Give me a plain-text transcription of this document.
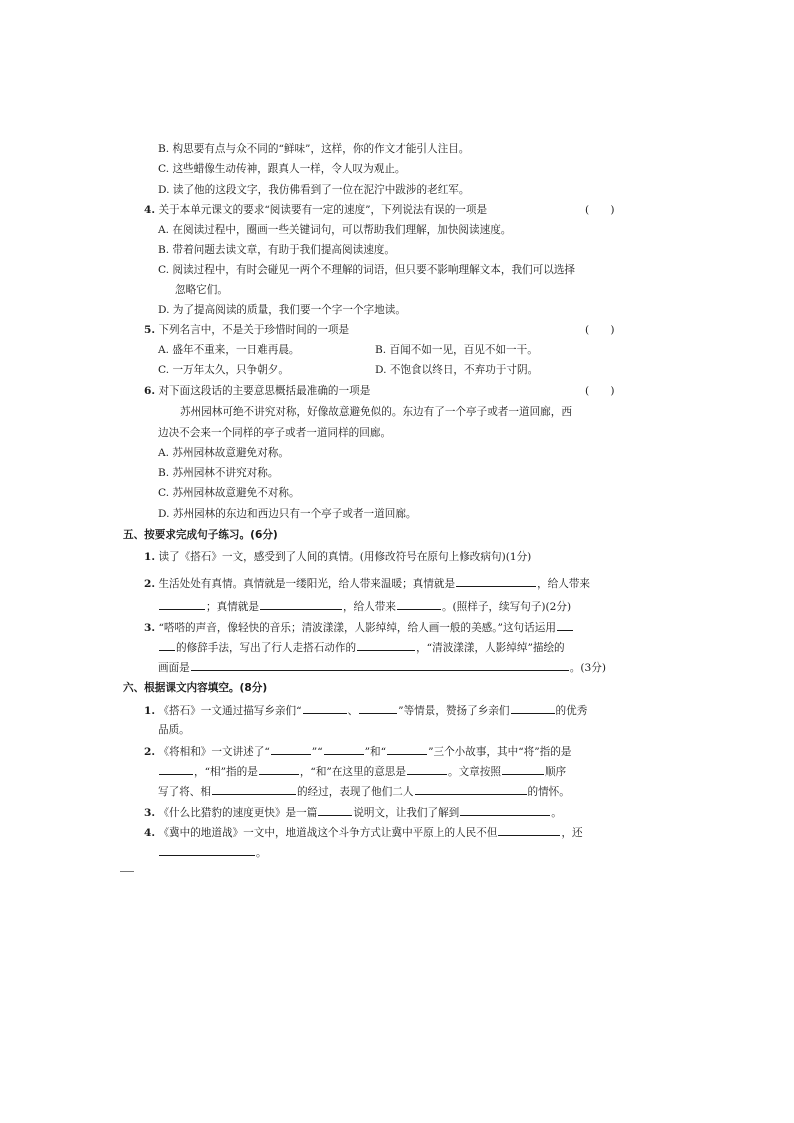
B. 构思要有点与众不同的“鲜味”，这样，你的作文才能引人注目。
C. 这些蜡像生动传神，跟真人一样，令人叹为观止。
D. 读了他的这段文字，我仿佛看到了一位在泥泞中跋涉的老红军。
4. 关于本单元课文的要求“阅读要有一定的速度”，下列说法有误的一项是	(　　)
A. 在阅读过程中，圈画一些关键词句，可以帮助我们理解，加快阅读速度。
B. 带着问题去读文章，有助于我们提高阅读速度。
C. 阅读过程中，有时会碰见一两个不理解的词语，但只要不影响理解文本，我们可以选择
忽略它们。
D. 为了提高阅读的质量，我们要一个字一个字地读。
5. 下列名言中，不是关于珍惜时间的一项是	(　　)
A. 盛年不重来，一日难再晨。	B. 百闻不如一见，百见不如一干。
C. 一万年太久，只争朝夕。	D. 不饱食以终日，不弃功于寸阴。
6. 对下面这段话的主要意思概括最准确的一项是	(　　)
苏州园林可绝不讲究对称，好像故意避免似的。东边有了一个亭子或者一道回廊，西
边决不会来一个同样的亭子或者一道同样的回廊。
A. 苏州园林故意避免对称。
B. 苏州园林不讲究对称。
C. 苏州园林故意避免不对称。
D. 苏州园林的东边和西边只有一个亭子或者一道回廊。
五、按要求完成句子练习。(6分)
1. 读了《搭石》一文，感受到了人间的真情。(用修改符号在原句上修改病句)(1分)
2. 生活处处有真情。真情就是一缕阳光，给人带来温暖；真情就是	，给人带来
；真情就是	，给人带来	。(照样子，续写句子)(2分)
3. “嗒嗒的声音，像轻快的音乐；清波漾漾，人影绰绰，给人画一般的美感。”这句话运用
的修辞手法，写出了行人走搭石动作的	，“清波漾漾，人影绰绰”描绘的
画面是	。(3分)
六、根据课文内容填空。(8分)
1. 《搭石》一文通过描写乡亲们“	、	”等情景，赞扬了乡亲们	的优秀
品质。
2. 《将相和》一文讲述了“	”“	”和“	”三个小故事，其中“将”指的是
，“相”指的是	，“和”在这里的意思是	。文章按照	顺序
写了将、相	的经过，表现了他们二人	的情怀。
3. 《什么比猎豹的速度更快》是一篇	说明文，让我们了解到	。
4. 《冀中的地道战》一文中，地道战这个斗争方式让冀中平原上的人民不但	，还
。
